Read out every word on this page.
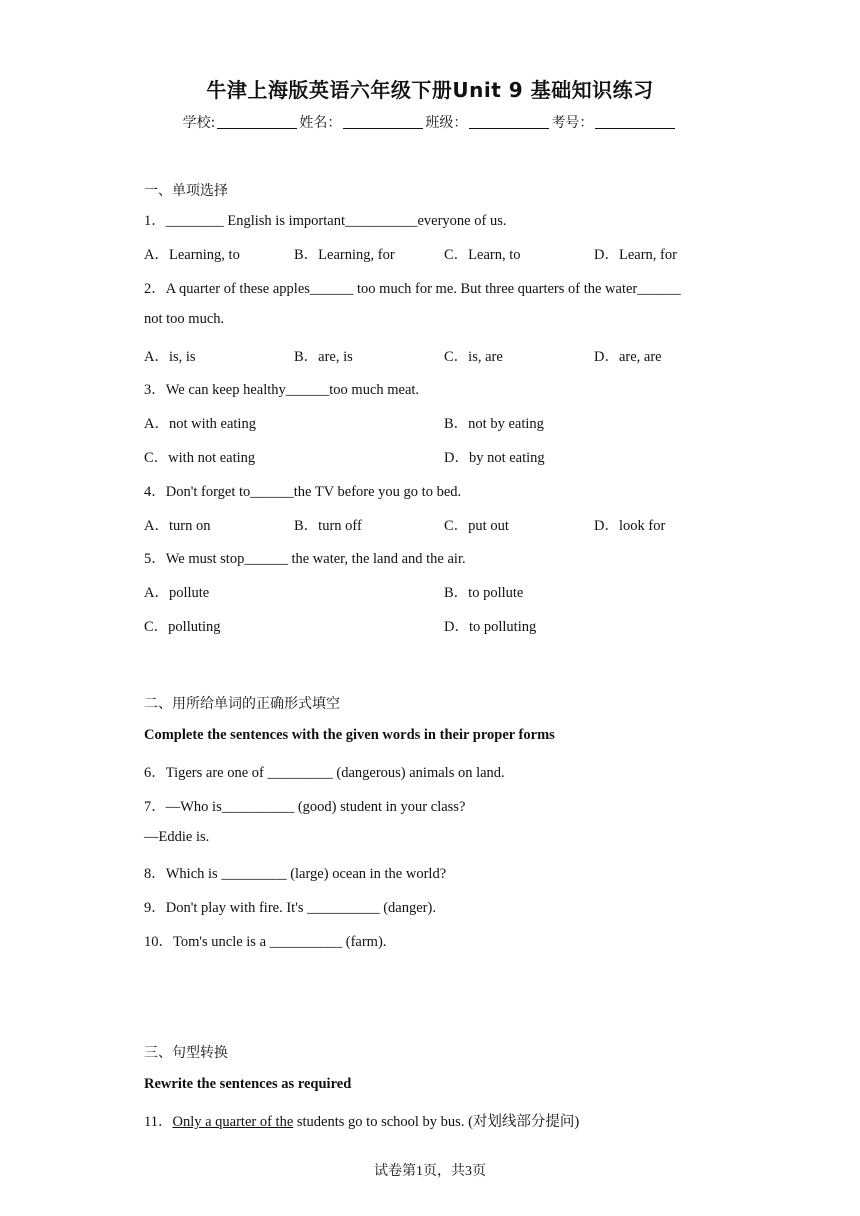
牛津上海版英语六年级下册Unit 9 基础知识练习
学校:	姓名：	班级：	考号：
一、单项选择
1．________ English is important__________everyone of us.
A．Learning, to	B．Learning, for	C．Learn, to	D．Learn, for
2．A quarter of these apples______ too much for me. But three quarters of the water______
not too much.
A．is, is	B．are, is	C．is, are	D．are, are
3．We can keep healthy______too much meat.
A．not with eating	B．not by eating
C．with not eating	D．by not eating
4．Don't forget to______the TV before you go to bed.
A．turn on	B．turn off	C．put out	D．look for
5．We must stop______ the water, the land and the air.
A．pollute	B．to pollute
C．polluting	D．to polluting
二、用所给单词的正确形式填空
Complete the sentences with the given words in their proper forms
6．Tigers are one of _________ (dangerous) animals on land.
7．—Who is__________ (good) student in your class?
—Eddie is.
8．Which is _________ (large) ocean in the world?
9．Don't play with fire. It's __________ (danger).
10．Tom's uncle is a __________ (farm).
三、句型转换
Rewrite the sentences as required
11．Only a quarter of the students go to school by bus. (对划线部分提问)
试卷第1页，共3页
